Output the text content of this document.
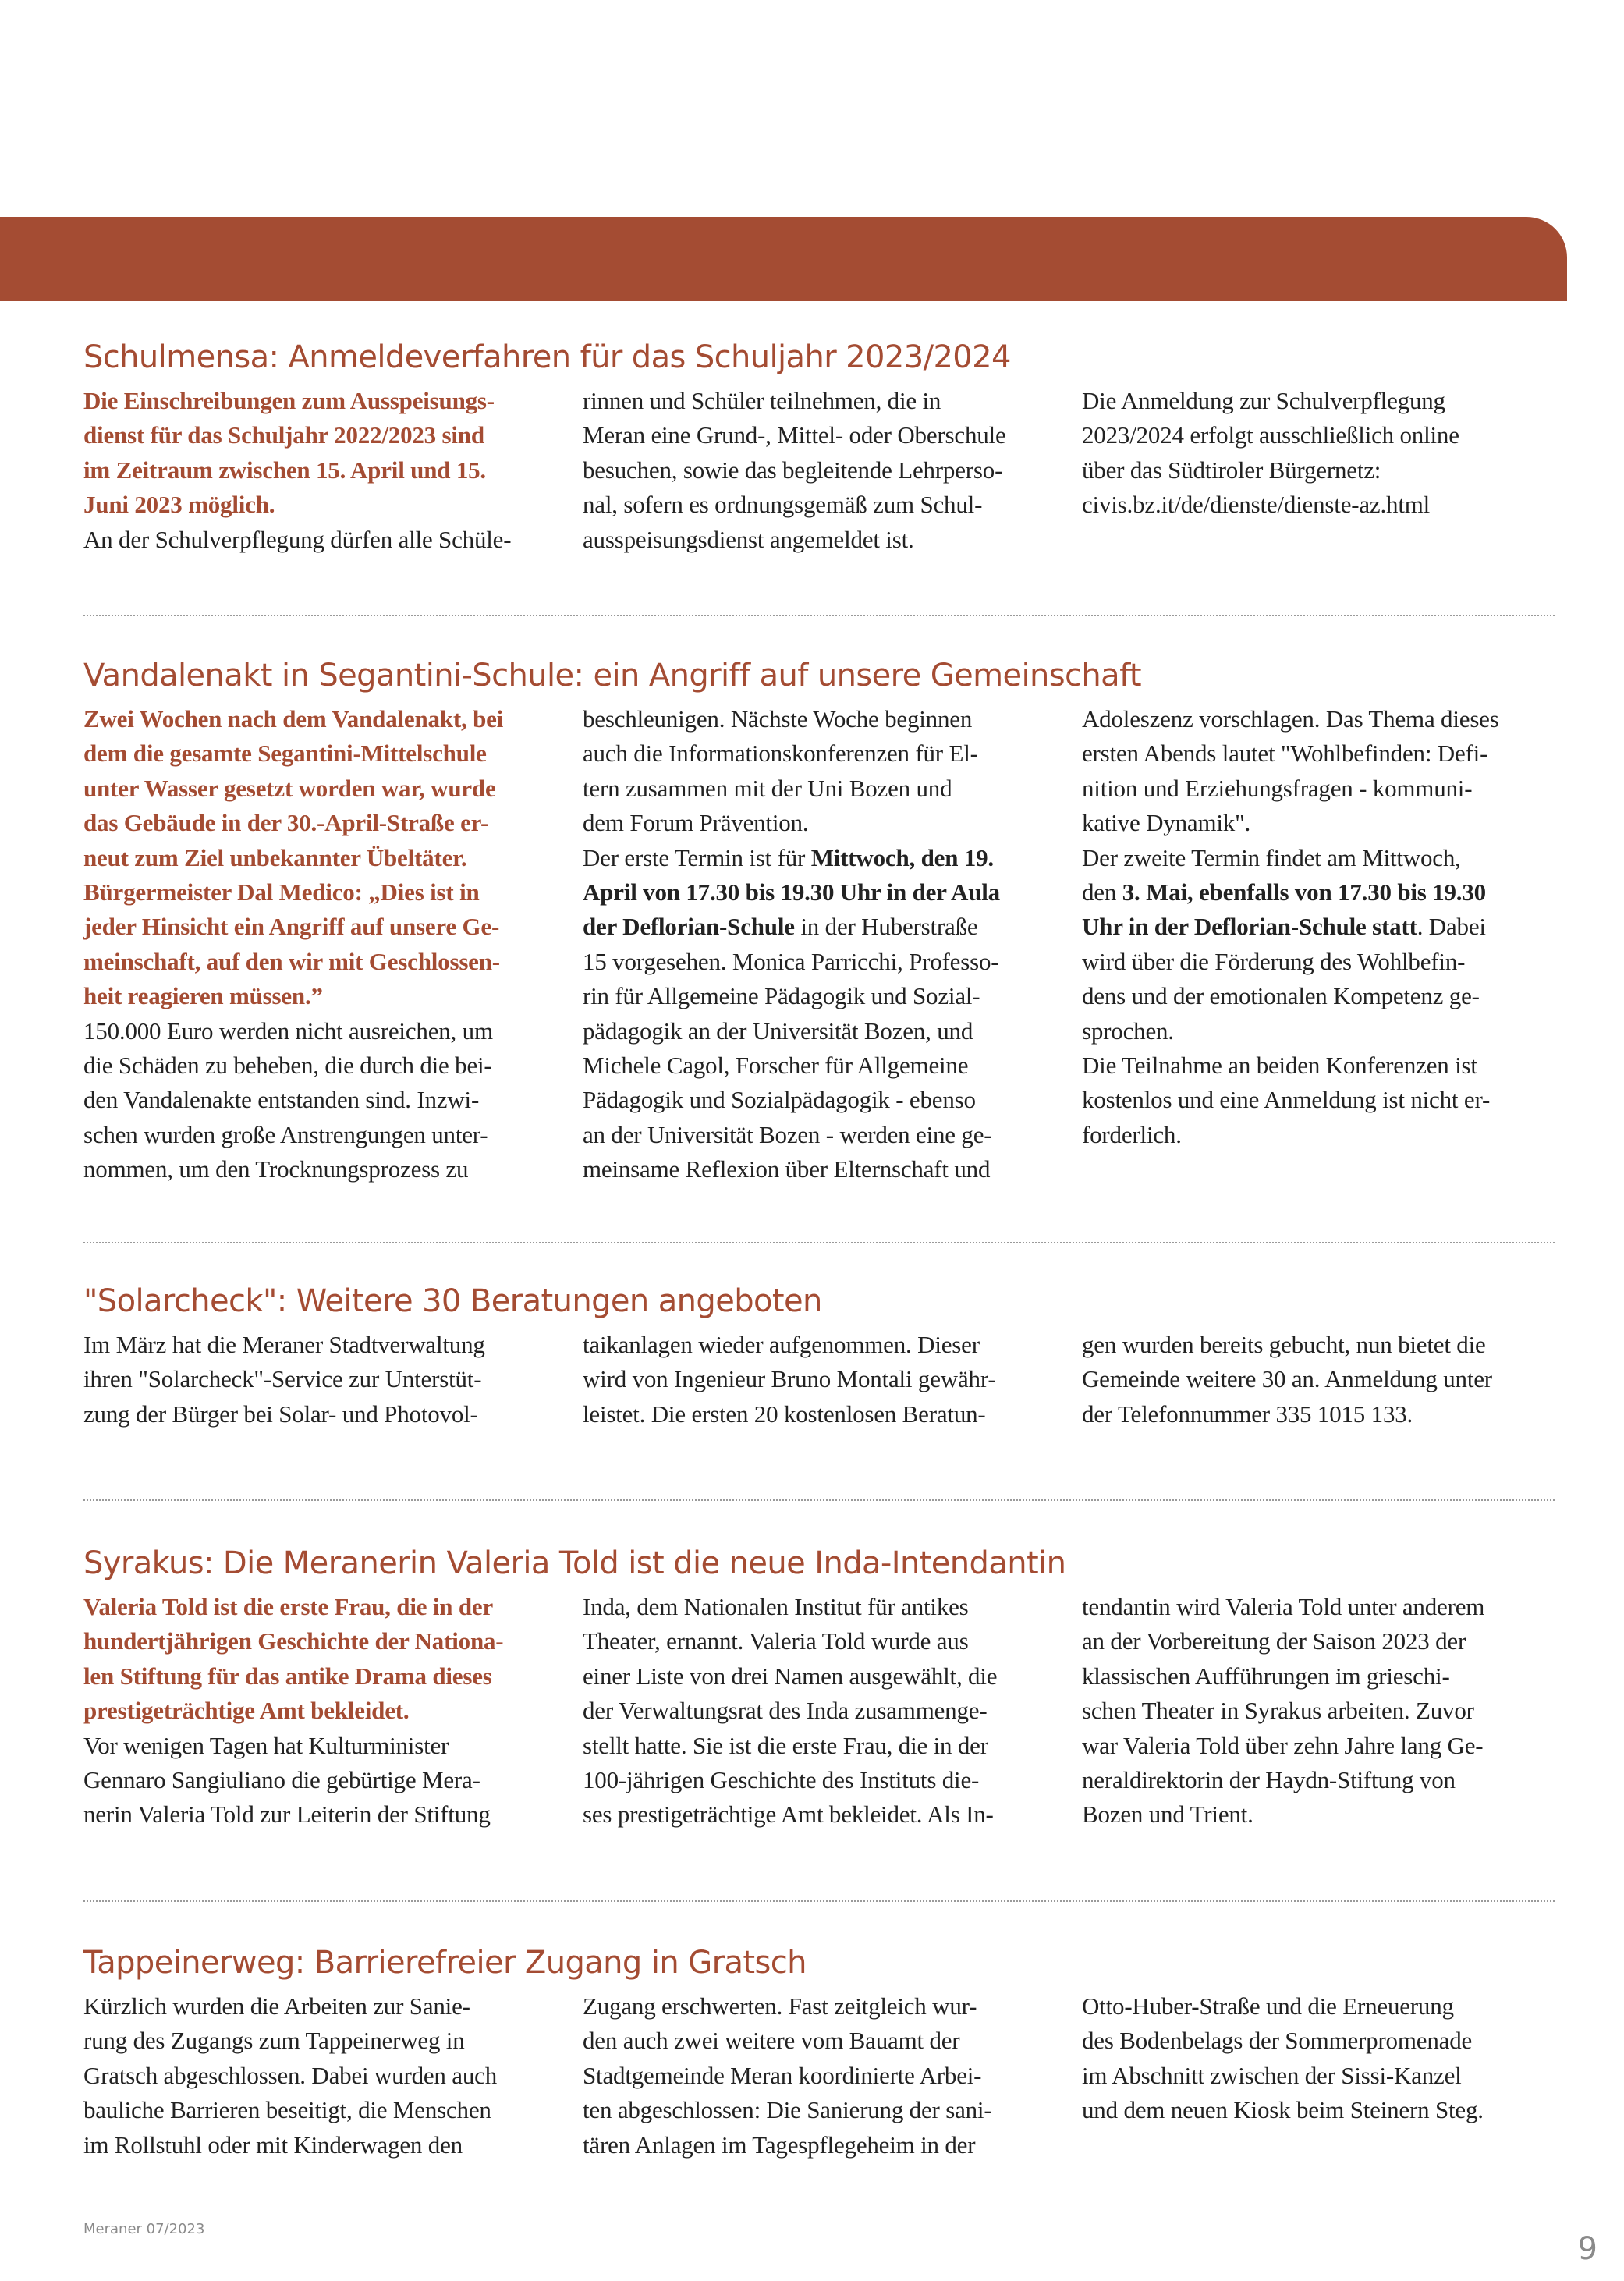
Schulmensa: Anmeldeverfahren für das Schuljahr 2023/2024
Die Einschreibungen zum Ausspeisungs-
dienst für das Schuljahr 2022/2023 sind
im Zeitraum zwischen 15. April und 15.
Juni 2023 möglich.
An der Schulverpflegung dürfen alle Schüle-
rinnen und Schüler teilnehmen, die in
Meran eine Grund-, Mittel- oder Oberschule
besuchen, sowie das begleitende Lehrperso-
nal, sofern es ordnungsgemäß zum Schul-
ausspeisungsdienst angemeldet ist.
Die Anmeldung zur Schulverpflegung
2023/2024 erfolgt ausschließlich online
über das Südtiroler Bürgernetz:
civis.bz.it/de/dienste/dienste-az.html
Vandalenakt in Segantini-Schule: ein Angriff auf unsere Gemeinschaft
Zwei Wochen nach dem Vandalenakt, bei
dem die gesamte Segantini-Mittelschule
unter Wasser gesetzt worden war, wurde
das Gebäude in der 30.-April-Straße er-
neut zum Ziel unbekannter Übeltäter.
Bürgermeister Dal Medico: „Dies ist in
jeder Hinsicht ein Angriff auf unsere Ge-
meinschaft, auf den wir mit Geschlossen-
heit reagieren müssen.”
150.000 Euro werden nicht ausreichen, um
die Schäden zu beheben, die durch die bei-
den Vandalenakte entstanden sind. Inzwi-
schen wurden große Anstrengungen unter-
nommen, um den Trocknungsprozess zu
beschleunigen. Nächste Woche beginnen
auch die Informationskonferenzen für El-
tern zusammen mit der Uni Bozen und
dem Forum Prävention.
Der erste Termin ist für Mittwoch, den 19.
April von 17.30 bis 19.30 Uhr in der Aula
der Deflorian-Schule in der Huberstraße
15 vorgesehen. Monica Parricchi, Professo-
rin für Allgemeine Pädagogik und Sozial-
pädagogik an der Universität Bozen, und
Michele Cagol, Forscher für Allgemeine
Pädagogik und Sozialpädagogik - ebenso
an der Universität Bozen - werden eine ge-
meinsame Reflexion über Elternschaft und
Adoleszenz vorschlagen. Das Thema dieses
ersten Abends lautet "Wohlbefinden: Defi-
nition und Erziehungsfragen - kommuni-
kative Dynamik".
Der zweite Termin findet am Mittwoch,
den 3. Mai, ebenfalls von 17.30 bis 19.30
Uhr in der Deflorian-Schule statt. Dabei
wird über die Förderung des Wohlbefin-
dens und der emotionalen Kompetenz ge-
sprochen.
Die Teilnahme an beiden Konferenzen ist
kostenlos und eine Anmeldung ist nicht er-
forderlich.
"Solarcheck": Weitere 30 Beratungen angeboten
Im März hat die Meraner Stadtverwaltung
ihren "Solarcheck"-Service zur Unterstüt-
zung der Bürger bei Solar- und Photovol-
taikanlagen wieder aufgenommen. Dieser
wird von Ingenieur Bruno Montali gewähr-
leistet. Die ersten 20 kostenlosen Beratun-
gen wurden bereits gebucht, nun bietet die
Gemeinde weitere 30 an. Anmeldung unter
der Telefonnummer 335 1015 133.
Syrakus: Die Meranerin Valeria Told ist die neue Inda-Intendantin
Valeria Told ist die erste Frau, die in der
hundertjährigen Geschichte der Nationa-
len Stiftung für das antike Drama dieses
prestigeträchtige Amt bekleidet.
Vor wenigen Tagen hat Kulturminister
Gennaro Sangiuliano die gebürtige Mera-
nerin Valeria Told zur Leiterin der Stiftung
Inda, dem Nationalen Institut für antikes
Theater, ernannt. Valeria Told wurde aus
einer Liste von drei Namen ausgewählt, die
der Verwaltungsrat des Inda zusammenge-
stellt hatte. Sie ist die erste Frau, die in der
100-jährigen Geschichte des Instituts die-
ses prestigeträchtige Amt bekleidet. Als In-
tendantin wird Valeria Told unter anderem
an der Vorbereitung der Saison 2023 der
klassischen Aufführungen im grieschi-
schen Theater in Syrakus arbeiten. Zuvor
war Valeria Told über zehn Jahre lang Ge-
neraldirektorin der Haydn-Stiftung von
Bozen und Trient.
Tappeinerweg: Barrierefreier Zugang in Gratsch
Kürzlich wurden die Arbeiten zur Sanie-
rung des Zugangs zum Tappeinerweg in
Gratsch abgeschlossen. Dabei wurden auch
bauliche Barrieren beseitigt, die Menschen
im Rollstuhl oder mit Kinderwagen den
Zugang erschwerten. Fast zeitgleich wur-
den auch zwei weitere vom Bauamt der
Stadtgemeinde Meran koordinierte Arbei-
ten abgeschlossen: Die Sanierung der sani-
tären Anlagen im Tagespflegeheim in der
Otto-Huber-Straße und die Erneuerung
des Bodenbelags der Sommerpromenade
im Abschnitt zwischen der Sissi-Kanzel
und dem neuen Kiosk beim Steinern Steg.
Meraner 07/2023
9
